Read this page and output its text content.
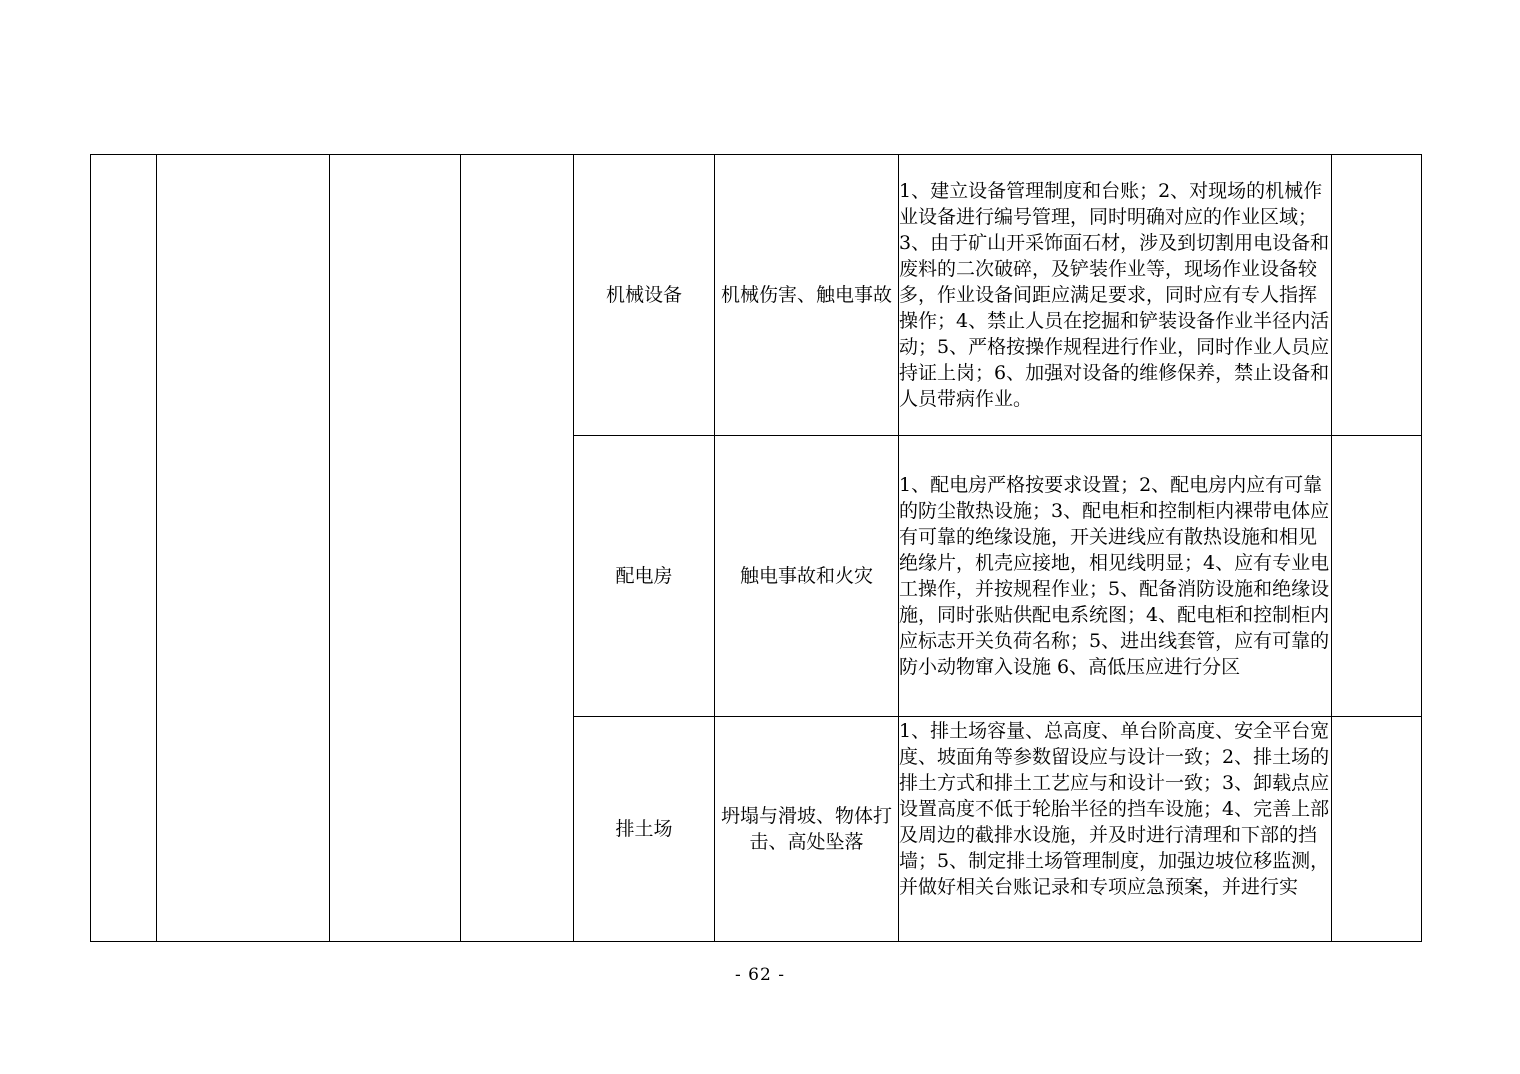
				机械设备	机械伤害、触电事故	1、建立设备管理制度和台账；2、对现场的机械作业设备进行编号管理，同时明确对应的作业区域；3、由于矿山开采饰面石材，涉及到切割用电设备和废料的二次破碎，及铲装作业等，现场作业设备较多，作业设备间距应满足要求，同时应有专人指挥操作；4、禁止人员在挖掘和铲装设备作业半径内活动；5、严格按操作规程进行作业，同时作业人员应持证上岗；6、加强对设备的维修保养，禁止设备和人员带病作业。	
				配电房	触电事故和火灾	1、配电房严格按要求设置；2、配电房内应有可靠的防尘散热设施；3、配电柜和控制柜内裸带电体应有可靠的绝缘设施，开关进线应有散热设施和相见绝缘片，机壳应接地，相见线明显；4、应有专业电工操作，并按规程作业；5、配备消防设施和绝缘设施，同时张贴供配电系统图；4、配电柜和控制柜内应标志开关负荷名称；5、进出线套管，应有可靠的防小动物窜入设施 6、高低压应进行分区	
				排土场	坍塌与滑坡、物体打击、高处坠落	1、排土场容量、总高度、单台阶高度、安全平台宽度、坡面角等参数留设应与设计一致；2、排土场的排土方式和排土工艺应与和设计一致；3、卸载点应设置高度不低于轮胎半径的挡车设施；4、完善上部及周边的截排水设施，并及时进行清理和下部的挡墙；5、制定排土场管理制度，加强边坡位移监测，并做好相关台账记录和专项应急预案，并进行实	

- 62 -
